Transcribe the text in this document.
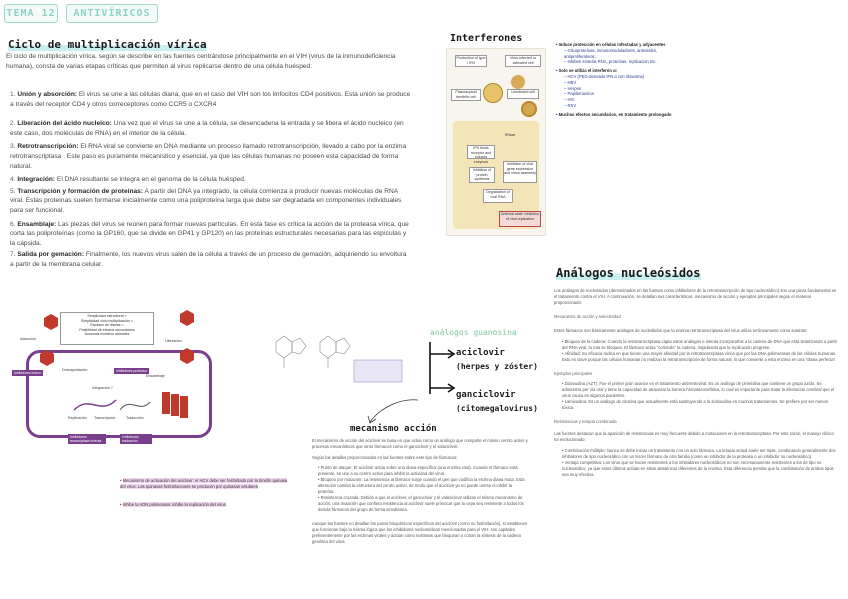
TEMA 12	ANTIVÍRICOS
Ciclo de multiplicación vírica
El ciclo de multiplicación vírica, según se describe en las fuentes centrándose principalmente en el VIH (virus de la inmunodeficiencia humana), consta de varias etapas críticas que permiten al virus replicarse dentro de una célula huésped:
1. Unión y absorción: El virus se une a las células diana, que en el caso del VIH son los linfocitos CD4 positivos. Esta unión se produce a través del receptor CD4 y otros correceptores como CCR5 o CXCR4
2. Liberación del ácido nucleico: Una vez que el virus se une a la célula, se desencadena la entrada y se libera el ácido nucleico (en este caso, dos moléculas de RNA) en el interior de la célula.
3. Retrotranscripción: El RNA viral se convierte en DNA mediante un proceso llamado retrotranscripción, llevado a cabo por la enzima retrotranscriptasa . Este paso es puramente mecanístico y esencial, ya que las células humanas no poseen esta capacidad de forma natural.
4. Integración: El DNA resultante se integra en el genoma de la célula huésped.
5. Transcripción y formación de proteínas: A partir del DNA ya integrado, la célula comienza a producir nuevas moléculas de RNA viral. Estas proteínas suelen formarse inicialmente como una poliproteína larga que debe ser degradada en componentes individuales para ser funcional.
6. Ensamblaje: Las piezas del virus se reúnen para formar nuevas partículas. En esta fase es crítica la acción de la proteasa vírica, que corta las poliproteínas (como la GP160, que se divide en GP41 y GP120) en las proteínas estructurales necesarias para las espículas y la cápsida.
7. Salida por gemación: Finalmente, los nuevos virus salen de la célula a través de un proceso de gemación, adquiriendo su envoltura a partir de la membrana celular.
Simplicidad estructural =
Simplicidad ciclo multiplicación =
Escasez de dianas =
Posibilidad de efectos secundarios
Ausencia modelos animales
Adsorción	Liberación
Descapsidación
Ensamblaje
Inhibidores fusión	Inhibidores proteasa
Integración ?
Replicación Transcripción	Traducción
Inhibidores transcriptasa inversa
Inhibidores traducción
• Mecanismo de activación del aciclovir: el HCV debe ser fosforilado por la timidín quinasa del virus. Las quinasas fosforilaciones se producen por quinasas celulares
• Inhibe la ADN polimerasa: inhibe la replicación del virus
análogos guanosina
aciclovir
(herpes y zóster)
ganciclovir
(citomegalovirus)
mecanismo acción
El mecanismo de acción del aciclovir se basa en que actúa como un análogo que comparte el mismo centro activo y procesos mecanísticos que otros fármacos como el ganciclovir y el valaciclovir.
Según los detalles proporcionados en las fuentes sobre este tipo de fármacos:
• Punto de ataque: El aciclovir actúa sobre una diana específica (una enzima viral). Cuando el fármaco está presente, se une a su centro activo para inhibir la actividad del virus.
• Bloqueo por mutación: La resistencia al fármaco surge cuando el gen que codifica la enzima diana muta. Esta alteración cambia la estructura del centro activo, de modo que el aciclovir ya no puede unirse ni inhibir la proteína.
• Resistencia cruzada: Debido a que el aciclovir, el ganciclovir y el valaciclovir utilizan el mismo mecanismo de acción, una mutación que confiera resistencia al aciclovir suele provocar que la cepa sea resistente a todos los demás fármacos del grupo de forma simultánea.
Aunque las fuentes no detallan los pasos bioquímicos específicos del aciclovir (como su fosforilación), sí establecen que funcionan bajo la misma lógica que los inhibidores nucleosídicos mencionados para el VIH: son capitales preferentemente por las enzimas virales y actúan como sustratos que bloquean o cortan la síntesis de la cadena genética del virus.
Interferones
Production of type I IFN
Virus-infected or activated cell
Plasmacytoid dendritic cell
Uninfected cell
IFN binds receptor and induces enzymes
Inhibition of protein synthesis
Inhibition of viral gene expression and virion assembly
Degradation of viral RNA
Antiviral state: inhibition of viral replication
RNase
• Induce protección en células infectadas y adyacentes
– Glicoproteínas, inmunomoduladores, antivirales, antiproliferativos,
– Inhiben síntesis RNA, proteínas, replicación etc.
• Solo se utiliza el interferón α:
– HCV (PEG-derivado IFN α con ribavirina)
– HBV
– Herpes
– Papilomavirus
– HIV
– RSV
• Muchos efectos secundarios, en tratamiento prolongado
Análogos nucleósidos
Los análogos de nucleósidos (denominados en las fuentes como inhibidores de la retrotranscripción de tipo nucleosídico) son una pieza fundamental en el tratamiento contra el VIH. A continuación, se detallan sus características, mecanismo de acción y ejemplos principales según el material proporcionado:
Mecanismo de acción y selectividad
Estos fármacos son básicamente análogos de nucleótidos que la enzima retrotranscriptasa del virus utiliza erróneamente como sustrato:
• Bloqueo de la cadena: Cuando la retrotranscriptasa capta estos análogos e intenta incorporarlos a la cadena de DNA que está sintetizando a partir del RNA viral, la ruta se bloquea. El fármaco actúa "cortando" la cadena, impidiendo que la replicación progrese.
• Afinidad: Su eficacia radica en que tienen una mayor afinidad por la retrotranscriptasa vírica que por las DNA polimerasas de las células humanas. Esto es clave porque las células humanas no realizan la retrotranscripción de forma natural, lo que convierte a esta enzima en una "diana perfecta".
Ejemplos principales
• Zidovudina (AZT): Fue el primer gran avance en el tratamiento antirretroviral. Es un análogo de pirimidina que contiene un grupo azido. Se administra por vía oral y tiene la capacidad de atravesar la barrera hematoencefálica, lo cual es importante para tratar la afectación cerebral que el virus causa en algunos pacientes.
• Lamivudina: Es un análogo de citosina que actualmente está sustituyendo a la zidovudina en muchos tratamientos. Se prefiere por ser menos tóxica.
Resistencias y terapia combinada
Las fuentes destacan que la aparición de resistencias es muy frecuente debido a mutaciones en la retrotranscriptasa. Por este razón, el manejo clínico ha evolucionado:
• Combinación múltiple: Nunca se debe iniciar un tratamiento con un solo fármaco. La terapia actual suele ser triple, combinando generalmente dos inhibidores de tipo nucleosídico con un tercer fármaco de otra familia (como un inhibidor de la proteasa o un inhibidor no nucleosídico).
• Ventaja competitiva: Los virus que se hacen resistentes a los inhibidores nucleosídicos no son necesariamente resistentes a los de tipo no nucleosídico, ya que estos últimos actúan en sitios alostéricos diferentes de la enzima. Esta diferencia permite que la combinación de ambos tipos sea muy efectiva.
